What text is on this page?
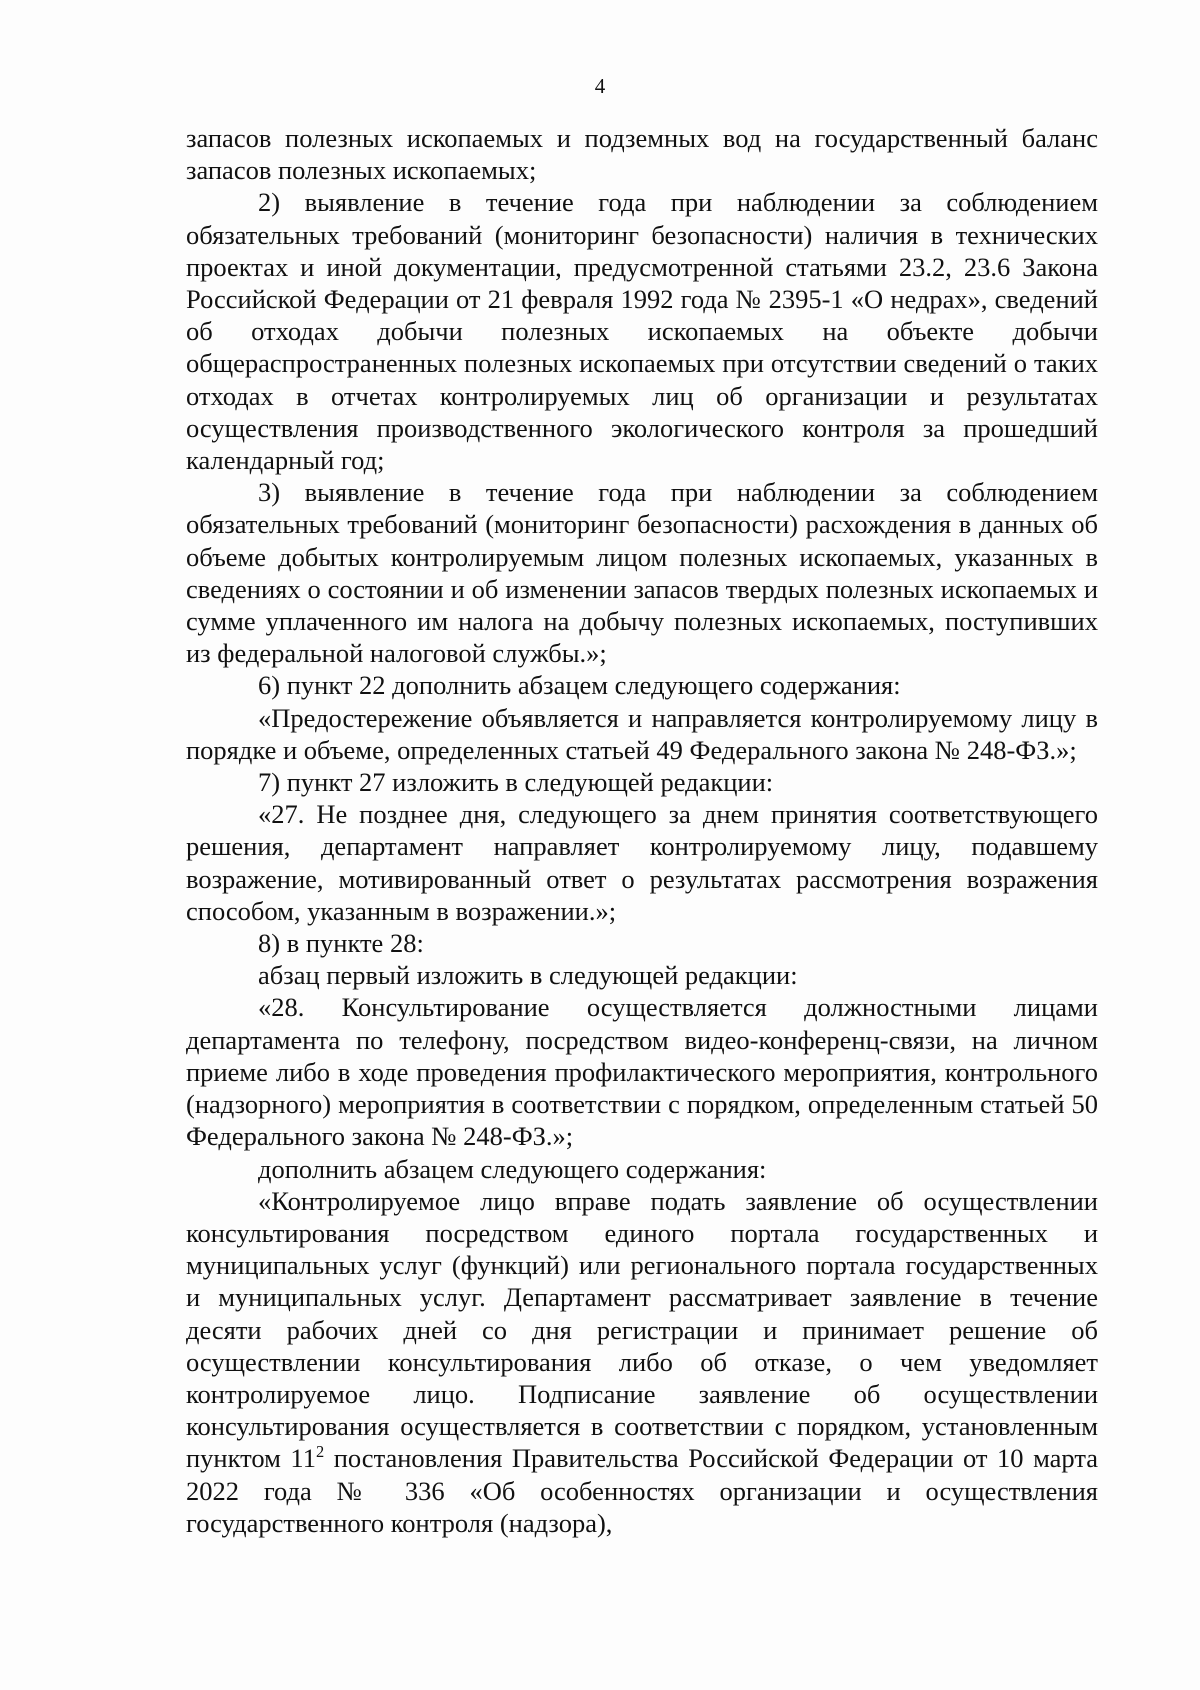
4

запасов полезных ископаемых и подземных вод на государственный баланс запасов полезных ископаемых;

2) выявление в течение года при наблюдении за соблюдением обязательных требований (мониторинг безопасности) наличия в технических проектах и иной документации, предусмотренной статьями 23.2, 23.6 Закона Российской Федерации от 21 февраля 1992 года № 2395-1 «О недрах», сведений об отходах добычи полезных ископаемых на объекте добычи общераспространенных полезных ископаемых при отсутствии сведений о таких отходах в отчетах контролируемых лиц об организации и результатах осуществления производственного экологического контроля за прошедший календарный год;

3) выявление в течение года при наблюдении за соблюдением обязательных требований (мониторинг безопасности) расхождения в данных об объеме добытых контролируемым лицом полезных ископаемых, указанных в сведениях о состоянии и об изменении запасов твердых полезных ископаемых и сумме уплаченного им налога на добычу полезных ископаемых, поступивших из федеральной налоговой службы.»;

6) пункт 22 дополнить абзацем следующего содержания:

«Предостережение объявляется и направляется контролируемому лицу в порядке и объеме, определенных статьей 49 Федерального закона № 248-ФЗ.»;

7) пункт 27 изложить в следующей редакции:

«27. Не позднее дня, следующего за днем принятия соответствующего решения, департамент направляет контролируемому лицу, подавшему возражение, мотивированный ответ о результатах рассмотрения возражения способом, указанным в возражении.»;

8) в пункте 28:

абзац первый изложить в следующей редакции:

«28. Консультирование осуществляется должностными лицами департамента по телефону, посредством видео-конференц-связи, на личном приеме либо в ходе проведения профилактического мероприятия, контрольного (надзорного) мероприятия в соответствии с порядком, определенным статьей 50 Федерального закона № 248-ФЗ.»;

дополнить абзацем следующего содержания:

«Контролируемое лицо вправе подать заявление об осуществлении консультирования посредством единого портала государственных и муниципальных услуг (функций) или регионального портала государственных и муниципальных услуг. Департамент рассматривает заявление в течение десяти рабочих дней со дня регистрации и принимает решение об осуществлении консультирования либо об отказе, о чем уведомляет контролируемое лицо. Подписание заявление об осуществлении консультирования осуществляется в соответствии с порядком, установленным пунктом $11^2$ постановления Правительства Российской Федерации от 10 марта 2022 года № 336 «Об особенностях организации и осуществления государственного контроля (надзора),
